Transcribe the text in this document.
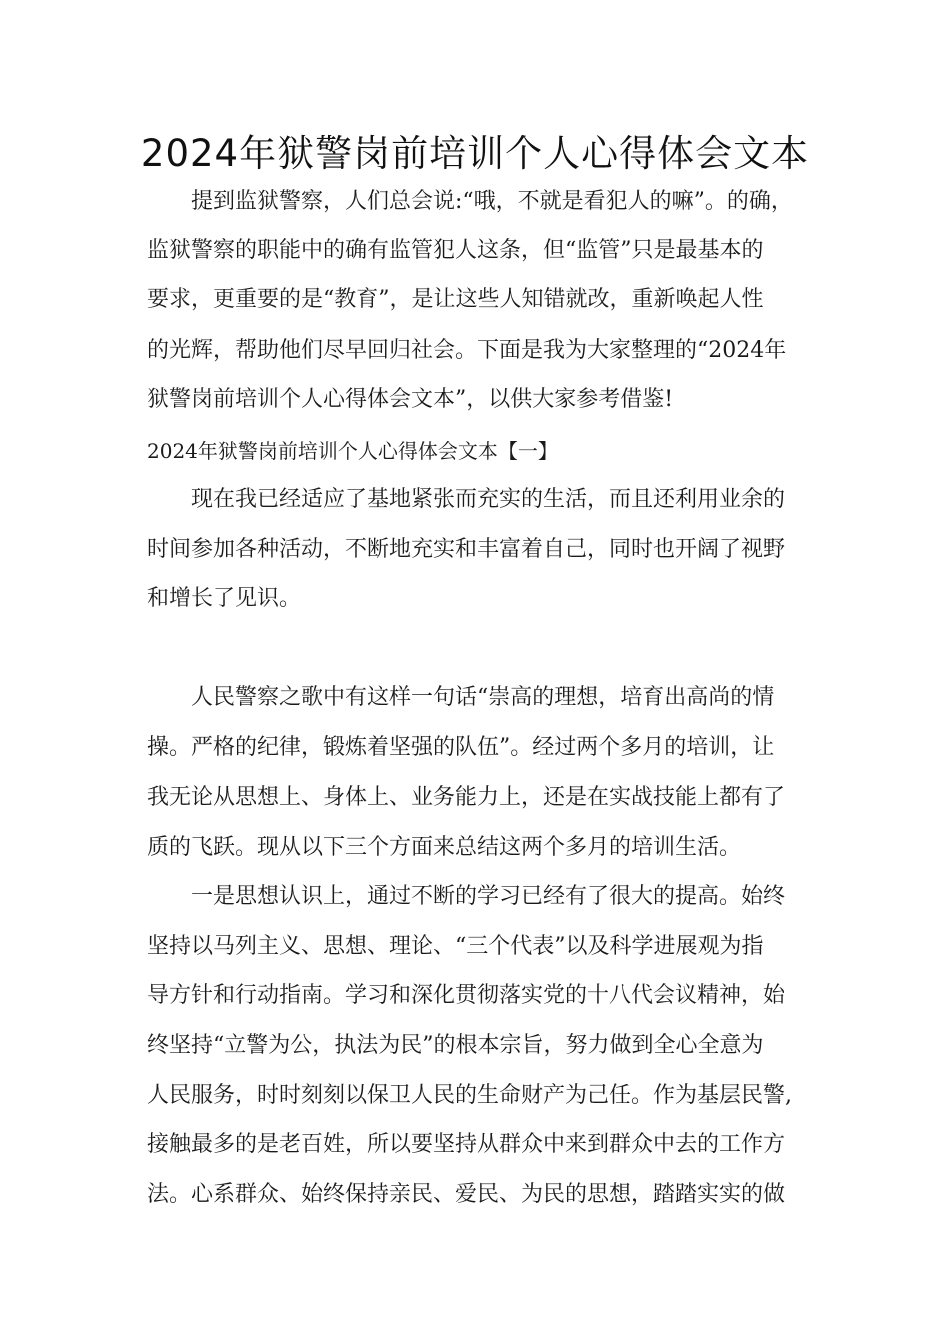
2024年狱警岗前培训个人心得体会文本
提到监狱警察，人们总会说:“哦，不就是看犯人的嘛”。的确，
监狱警察的职能中的确有监管犯人这条，但“监管”只是最基本的
要求，更重要的是“教育”，是让这些人知错就改，重新唤起人性
的光辉，帮助他们尽早回归社会。下面是我为大家整理的“2024年
狱警岗前培训个人心得体会文本”，以供大家参考借鉴!
2024年狱警岗前培训个人心得体会文本【一】
现在我已经适应了基地紧张而充实的生活，而且还利用业余的
时间参加各种活动，不断地充实和丰富着自己，同时也开阔了视野
和增长了见识。
人民警察之歌中有这样一句话“崇高的理想，培育出高尚的情
操。严格的纪律，锻炼着坚强的队伍”。经过两个多月的培训，让
我无论从思想上、身体上、业务能力上，还是在实战技能上都有了
质的飞跃。现从以下三个方面来总结这两个多月的培训生活。
一是思想认识上，通过不断的学习已经有了很大的提高。始终
坚持以马列主义、思想、理论、“三个代表”以及科学进展观为指
导方针和行动指南。学习和深化贯彻落实党的十八代会议精神，始
终坚持“立警为公，执法为民”的根本宗旨，努力做到全心全意为
人民服务，时时刻刻以保卫人民的生命财产为己任。作为基层民警,
接触最多的是老百姓，所以要坚持从群众中来到群众中去的工作方
法。心系群众、始终保持亲民、爱民、为民的思想，踏踏实实的做
